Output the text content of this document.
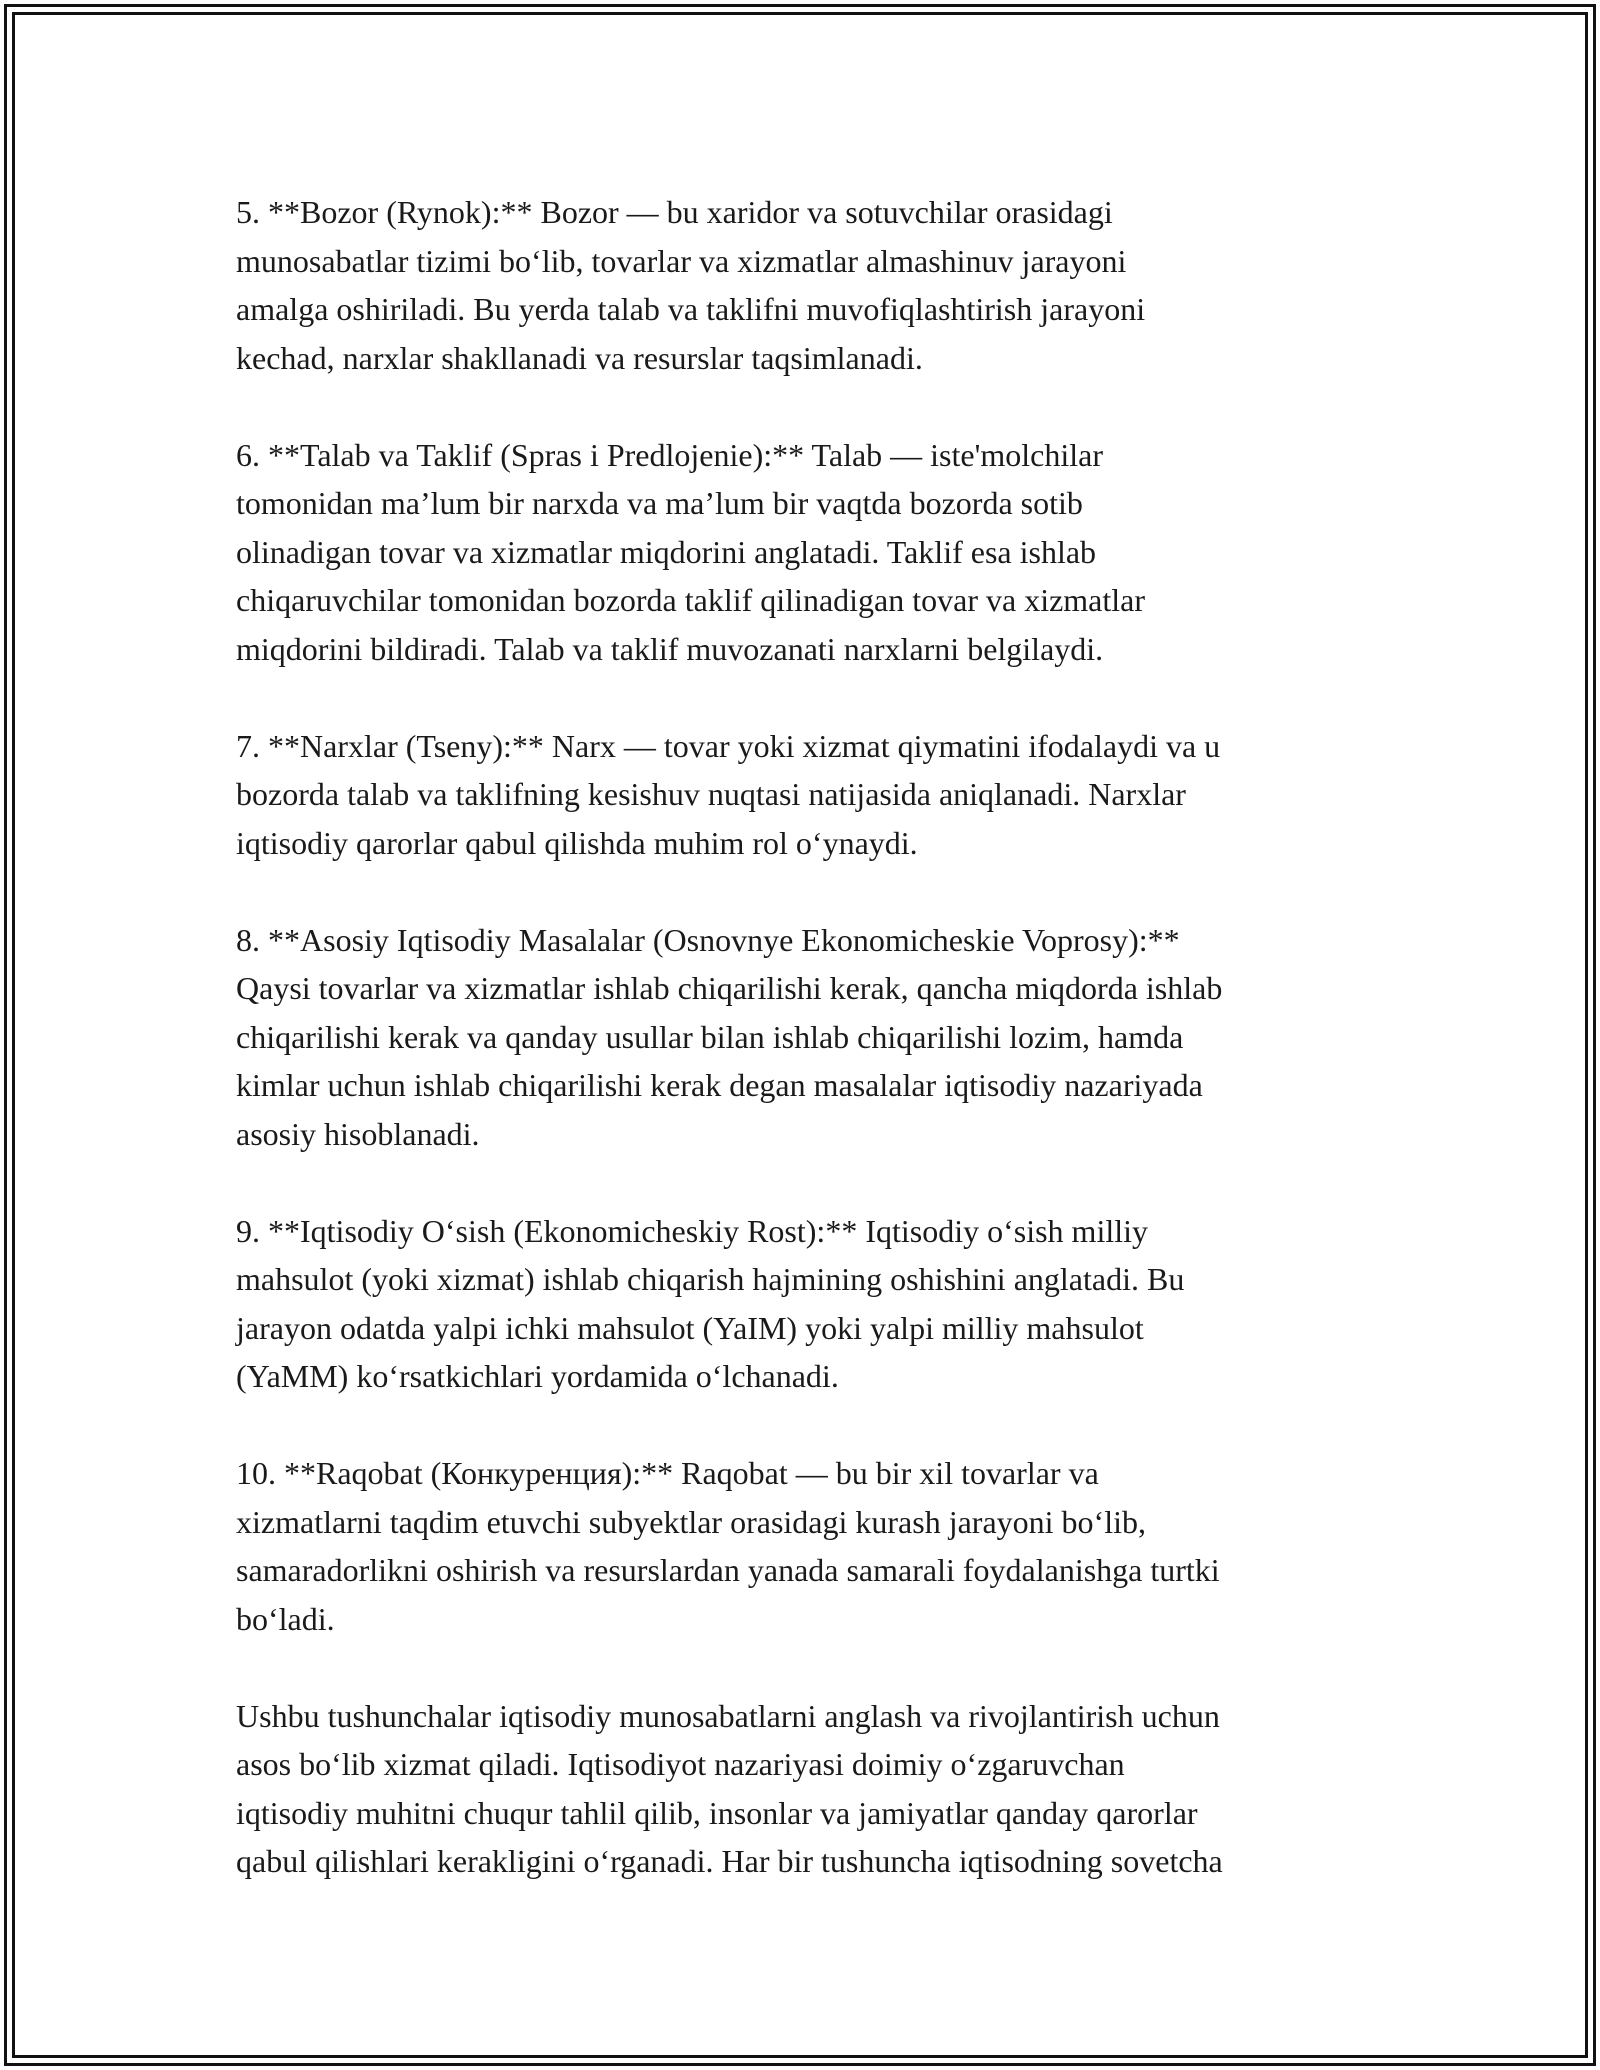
5. **Bozor (Rynok):** Bozor — bu xaridor va sotuvchilar orasidagi
munosabatlar tizimi bo‘lib, tovarlar va xizmatlar almashinuv jarayoni
amalga oshiriladi. Bu yerda talab va taklifni muvofiqlashtirish jarayoni
kechad, narxlar shakllanadi va resurslar taqsimlanadi.

6. **Talab va Taklif (Spras i Predlojenie):** Talab — iste'molchilar
tomonidan ma’lum bir narxda va ma’lum bir vaqtda bozorda sotib
olinadigan tovar va xizmatlar miqdorini anglatadi. Taklif esa ishlab
chiqaruvchilar tomonidan bozorda taklif qilinadigan tovar va xizmatlar
miqdorini bildiradi. Talab va taklif muvozanati narxlarni belgilaydi.

7. **Narxlar (Tseny):** Narx — tovar yoki xizmat qiymatini ifodalaydi va u
bozorda talab va taklifning kesishuv nuqtasi natijasida aniqlanadi. Narxlar
iqtisodiy qarorlar qabul qilishda muhim rol o‘ynaydi.

8. **Asosiy Iqtisodiy Masalalar (Osnovnye Ekonomicheskie Voprosy):**
Qaysi tovarlar va xizmatlar ishlab chiqarilishi kerak, qancha miqdorda ishlab
chiqarilishi kerak va qanday usullar bilan ishlab chiqarilishi lozim, hamda
kimlar uchun ishlab chiqarilishi kerak degan masalalar iqtisodiy nazariyada
asosiy hisoblanadi.

9. **Iqtisodiy O‘sish (Ekonomicheskiy Rost):** Iqtisodiy o‘sish milliy
mahsulot (yoki xizmat) ishlab chiqarish hajmining oshishini anglatadi. Bu
jarayon odatda yalpi ichki mahsulot (YaIM) yoki yalpi milliy mahsulot
(YaMM) ko‘rsatkichlari yordamida o‘lchanadi.

10. **Raqobat (Конкуренция):** Raqobat — bu bir xil tovarlar va
xizmatlarni taqdim etuvchi subyektlar orasidagi kurash jarayoni bo‘lib,
samaradorlikni oshirish va resurslardan yanada samarali foydalanishga turtki
bo‘ladi.

Ushbu tushunchalar iqtisodiy munosabatlarni anglash va rivojlantirish uchun
asos bo‘lib xizmat qiladi. Iqtisodiyot nazariyasi doimiy o‘zgaruvchan
iqtisodiy muhitni chuqur tahlil qilib, insonlar va jamiyatlar qanday qarorlar
qabul qilishlari kerakligini o‘rganadi. Har bir tushuncha iqtisodning sovetcha
